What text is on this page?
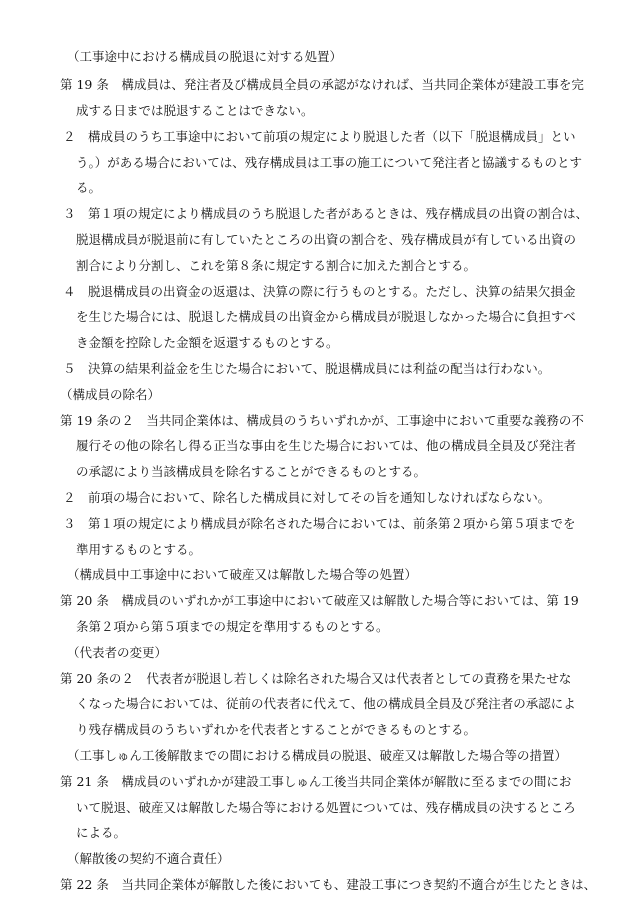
（工事途中における構成員の脱退に対する処置）
第 19 条　構成員は、発注者及び構成員全員の承認がなければ、当共同企業体が建設工事を完
成する日までは脱退することはできない。
２　構成員のうち工事途中において前項の規定により脱退した者（以下「脱退構成員」とい
う。）がある場合においては、残存構成員は工事の施工について発注者と協議するものとす
る。
３　第１項の規定により構成員のうち脱退した者があるときは、残存構成員の出資の割合は、
脱退構成員が脱退前に有していたところの出資の割合を、残存構成員が有している出資の
割合により分割し、これを第８条に規定する割合に加えた割合とする。
４　脱退構成員の出資金の返還は、決算の際に行うものとする。ただし、決算の結果欠損金
を生じた場合には、脱退した構成員の出資金から構成員が脱退しなかった場合に負担すべ
き金額を控除した金額を返還するものとする。
５　決算の結果利益金を生じた場合において、脱退構成員には利益の配当は行わない。
（構成員の除名）
第 19 条の２　当共同企業体は、構成員のうちいずれかが、工事途中において重要な義務の不
履行その他の除名し得る正当な事由を生じた場合においては、他の構成員全員及び発注者
の承認により当該構成員を除名することができるものとする。
２　前項の場合において、除名した構成員に対してその旨を通知しなければならない。
３　第１項の規定により構成員が除名された場合においては、前条第２項から第５項までを
準用するものとする。
（構成員中工事途中において破産又は解散した場合等の処置）
第 20 条　構成員のいずれかが工事途中において破産又は解散した場合等においては、第 19
条第２項から第５項までの規定を準用するものとする。
（代表者の変更）
第 20 条の２　代表者が脱退し若しくは除名された場合又は代表者としての責務を果たせな
くなった場合においては、従前の代表者に代えて、他の構成員全員及び発注者の承認によ
り残存構成員のうちいずれかを代表者とすることができるものとする。
（工事しゅん工後解散までの間における構成員の脱退、破産又は解散した場合等の措置）
第 21 条　構成員のいずれかが建設工事しゅん工後当共同企業体が解散に至るまでの間にお
いて脱退、破産又は解散した場合等における処置については、残存構成員の決するところ
による。
（解散後の契約不適合責任）
第 22 条　当共同企業体が解散した後においても、建設工事につき契約不適合が生じたときは、
